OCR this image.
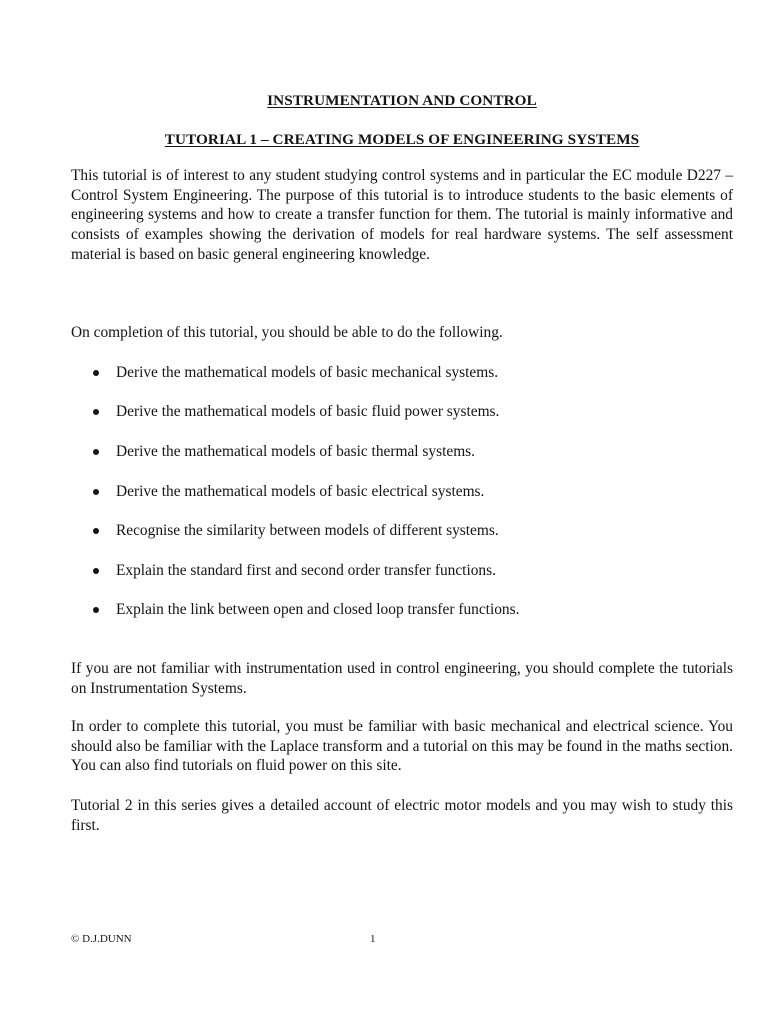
INSTRUMENTATION AND CONTROL
TUTORIAL 1 – CREATING MODELS OF ENGINEERING SYSTEMS

This tutorial is of interest to any student studying control systems and in particular the EC module D227 – Control System Engineering. The purpose of this tutorial is to introduce students to the basic elements of engineering systems and how to create a transfer function for them. The tutorial is mainly informative and consists of examples showing the derivation of models for real hardware systems. The self assessment material is based on basic general engineering knowledge.

On completion of this tutorial, you should be able to do the following.

Derive the mathematical models of basic mechanical systems.
Derive the mathematical models of basic fluid power systems.
Derive the mathematical models of basic thermal systems.
Derive the mathematical models of basic electrical systems.
Recognise the similarity between models of different systems.
Explain the standard first and second order transfer functions.
Explain the link between open and closed loop transfer functions.

If you are not familiar with instrumentation used in control engineering, you should complete the tutorials on Instrumentation Systems.

In order to complete this tutorial, you must be familiar with basic mechanical and electrical science. You should also be familiar with the Laplace transform and a tutorial on this may be found in the maths section. You can also find tutorials on fluid power on this site.

Tutorial 2 in this series gives a detailed account of electric motor models and you may wish to study this first.

© D.J.DUNN	1
